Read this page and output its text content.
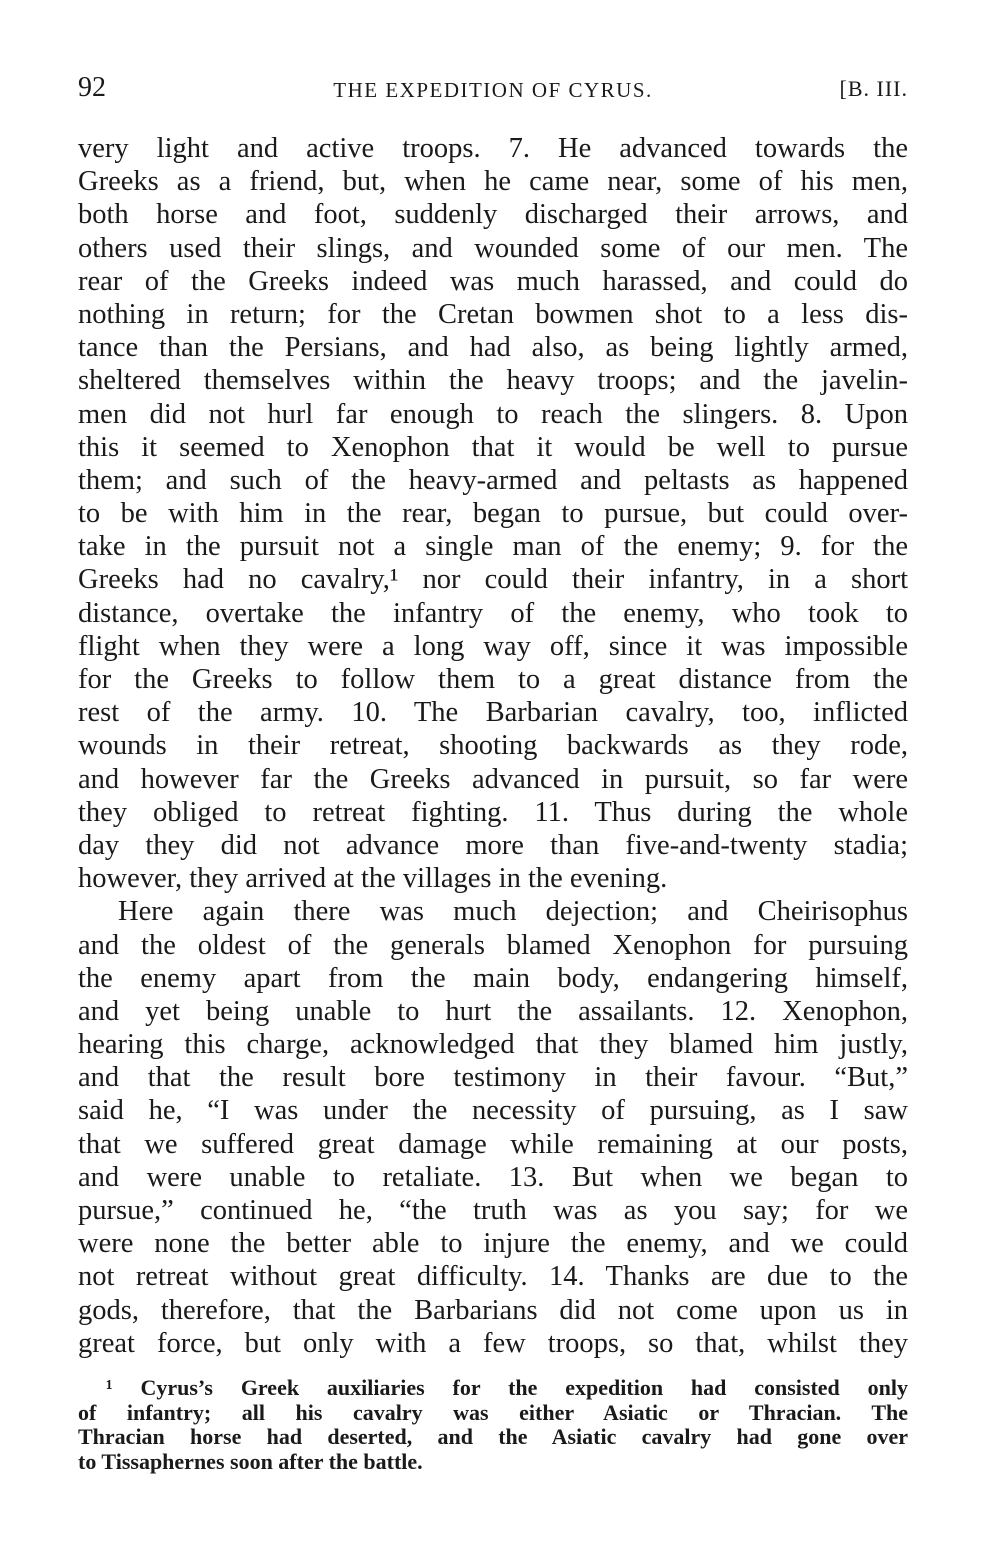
92	THE EXPEDITION OF CYRUS.	[B. III.
very light and active troops. 7. He advanced towards the
Greeks as a friend, but, when he came near, some of his men,
both horse and foot, suddenly discharged their arrows, and
others used their slings, and wounded some of our men. The
rear of the Greeks indeed was much harassed, and could do
nothing in return; for the Cretan bowmen shot to a less dis-
tance than the Persians, and had also, as being lightly armed,
sheltered themselves within the heavy troops; and the javelin-
men did not hurl far enough to reach the slingers. 8. Upon
this it seemed to Xenophon that it would be well to pursue
them; and such of the heavy-armed and peltasts as happened
to be with him in the rear, began to pursue, but could over-
take in the pursuit not a single man of the enemy; 9. for the
Greeks had no cavalry,¹ nor could their infantry, in a short
distance, overtake the infantry of the enemy, who took to
flight when they were a long way off, since it was impossible
for the Greeks to follow them to a great distance from the
rest of the army. 10. The Barbarian cavalry, too, inflicted
wounds in their retreat, shooting backwards as they rode,
and however far the Greeks advanced in pursuit, so far were
they obliged to retreat fighting. 11. Thus during the whole
day they did not advance more than five-and-twenty stadia;
however, they arrived at the villages in the evening.
Here again there was much dejection; and Cheirisophus
and the oldest of the generals blamed Xenophon for pursuing
the enemy apart from the main body, endangering himself,
and yet being unable to hurt the assailants. 12. Xenophon,
hearing this charge, acknowledged that they blamed him justly,
and that the result bore testimony in their favour. “But,”
said he, “I was under the necessity of pursuing, as I saw
that we suffered great damage while remaining at our posts,
and were unable to retaliate. 13. But when we began to
pursue,” continued he, “the truth was as you say; for we
were none the better able to injure the enemy, and we could
not retreat without great difficulty. 14. Thanks are due to the
gods, therefore, that the Barbarians did not come upon us in
great force, but only with a few troops, so that, whilst they
¹ Cyrus’s Greek auxiliaries for the expedition had consisted only
of infantry; all his cavalry was either Asiatic or Thracian. The
Thracian horse had deserted, and the Asiatic cavalry had gone over
to Tissaphernes soon after the battle.
